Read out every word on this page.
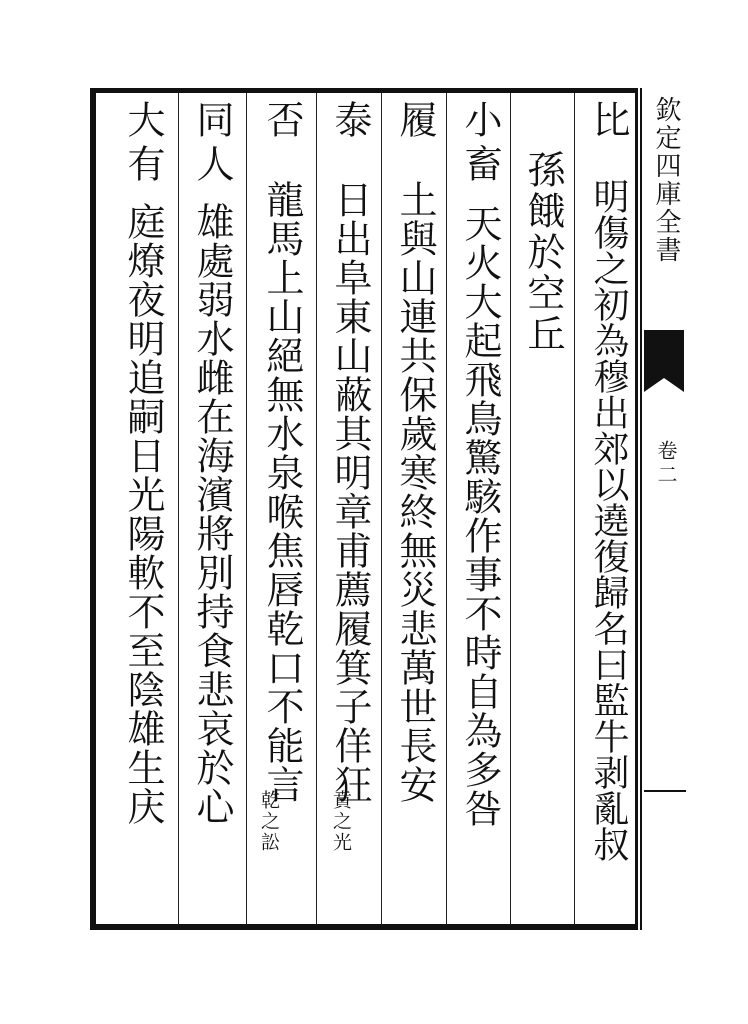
比
明傷之初為穆出郊以遶復歸名曰監牛剥亂叔
孫餓於空丘
小畜
天火大起飛鳥驚駭作事不時自為多咎
履
土與山連共保歲寒終無災悲萬世長安
泰
日出阜東山蔽其明章甫薦履箕子佯狂
賁之光
否
龍馬上山絕無水泉喉焦唇乾口不能言
乾之訟
同人
雄處弱水雌在海濱將別持食悲哀於心
大有
庭燎夜明追嗣日光陽軟不至陰雄生庆
欽定四庫全書
卷二
